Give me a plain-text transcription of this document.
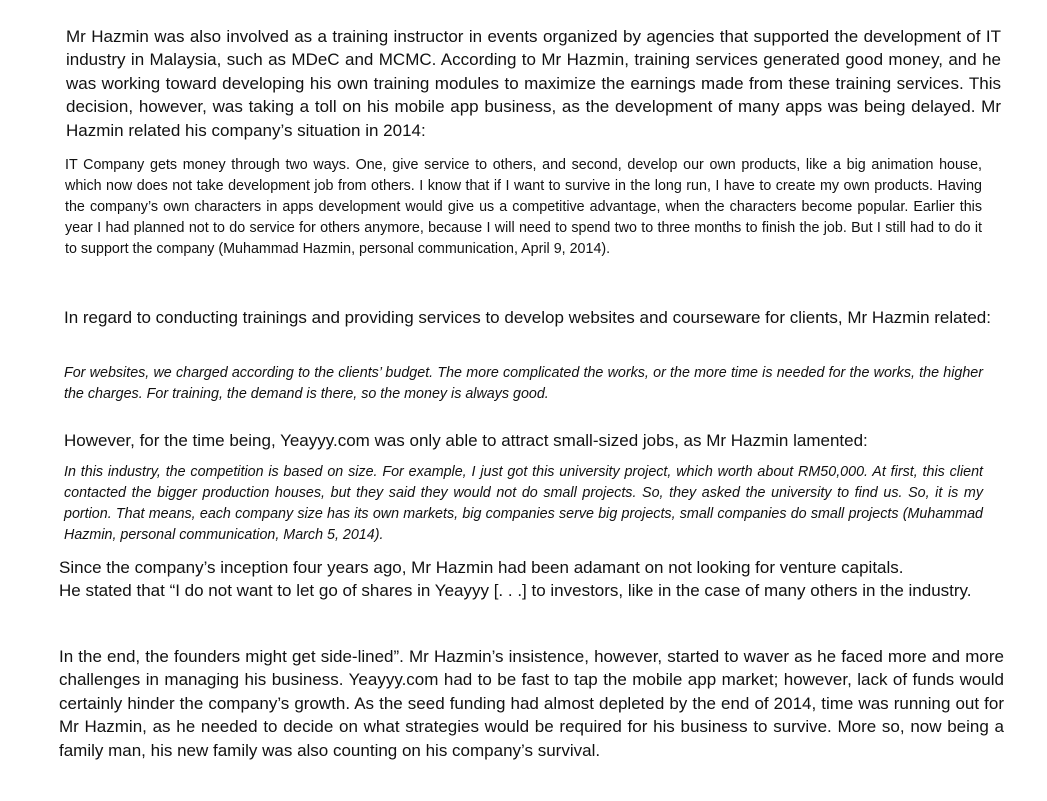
Mr Hazmin was also involved as a training instructor in events organized by agencies that supported the development of IT industry in Malaysia, such as MDeC and MCMC. According to Mr Hazmin, training services generated good money, and he was working toward developing his own training modules to maximize the earnings made from these training services. This decision, however, was taking a toll on his mobile app business, as the development of many apps was being delayed. Mr Hazmin related his company’s situation in 2014:

IT Company gets money through two ways. One, give service to others, and second, develop our own products, like a big animation house, which now does not take development job from others. I know that if I want to survive in the long run, I have to create my own products. Having the company’s own characters in apps development would give us a competitive advantage, when the characters become popular. Earlier this year I had planned not to do service for others anymore, because I will need to spend two to three months to finish the job. But I still had to do it to support the company (Muhammad Hazmin, personal communication, April 9, 2014).

In regard to conducting trainings and providing services to develop websites and courseware for clients, Mr Hazmin related:

For websites, we charged according to the clients’ budget. The more complicated the works, or the more time is needed for the works, the higher the charges. For training, the demand is there, so the money is always good.

However, for the time being, Yeayyy.com was only able to attract small-sized jobs, as Mr Hazmin lamented:

In this industry, the competition is based on size. For example, I just got this university project, which worth about RM50,000. At first, this client contacted the bigger production houses, but they said they would not do small projects. So, they asked the university to find us. So, it is my portion. That means, each company size has its own markets, big companies serve big projects, small companies do small projects (Muhammad Hazmin, personal communication, March 5, 2014).

Since the company’s inception four years ago, Mr Hazmin had been adamant on not looking for venture capitals.

He stated that “I do not want to let go of shares in Yeayyy [. . .] to investors, like in the case of many others in the industry.

In the end, the founders might get side-lined”. Mr Hazmin’s insistence, however, started to waver as he faced more and more challenges in managing his business. Yeayyy.com had to be fast to tap the mobile app market; however, lack of funds would certainly hinder the company’s growth. As the seed funding had almost depleted by the end of 2014, time was running out for Mr Hazmin, as he needed to decide on what strategies would be required for his business to survive. More so, now being a family man, his new family was also counting on his company’s survival.
